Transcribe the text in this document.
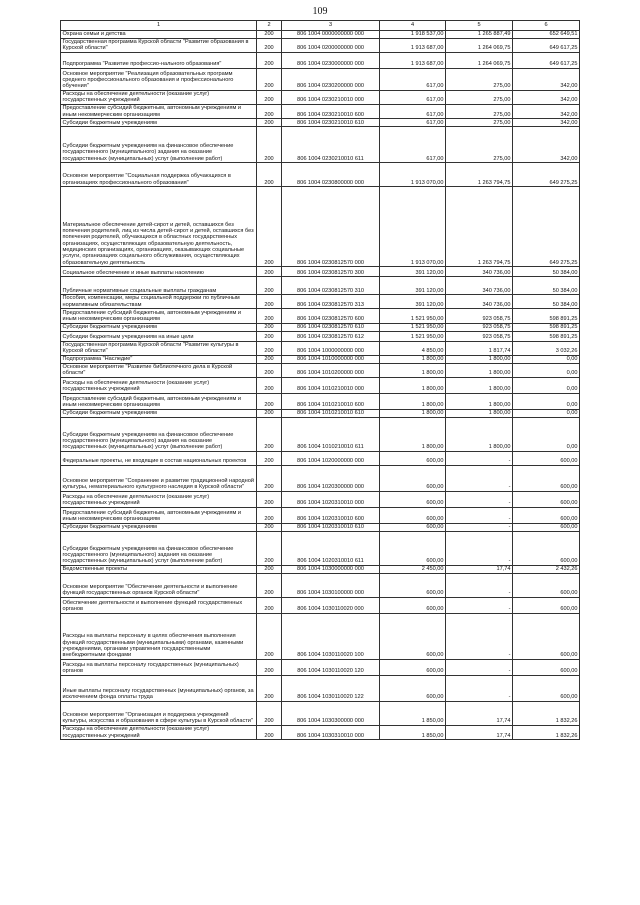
109
1	2	3	4	5	6
Охрана семьи и детства	200	806 1004 0000000000 000	1 918 537,00	1 265 887,49	652 649,51
Государственная программа Курской области "Развитие образования в Курской области"	200	806 1004 0200000000 000	1 913 687,00	1 264 069,75	649 617,25
Подпрограмма "Развитие профессио-нального образования"	200	806 1004 0230000000 000	1 913 687,00	1 264 069,75	649 617,25
Основное мероприятие "Реализация образовательных программ среднего профессионального образования и профессионального обучения"	200	806 1004 0230200000 000	617,00	275,00	342,00
Расходы на обеспечение деятельности (оказание услуг) государственных учреждений	200	806 1004 0230210010 000	617,00	275,00	342,00
Предоставление субсидий бюджетным, автономным учреждениям и иным некоммерческим организациям	200	806 1004 0230210010 600	617,00	275,00	342,00
Субсидии бюджетным учреждениям	200	806 1004 0230210010 610	617,00	275,00	342,00
Субсидии бюджетным учреждениям на финансовое обеспечение государственного (муниципального) задания на оказание государственных (муниципальных) услуг (выполнение работ)	200	806 1004 0230210010 611	617,00	275,00	342,00
Основное мероприятие "Социальная поддержка обучающихся в организациях профессионального образования"	200	806 1004 0230800000 000	1 913 070,00	1 263 794,75	649 275,25
Материальное обеспечение детей-сирот и детей, оставшихся без попечения родителей, лиц из числа детей-сирот и детей, оставшихся без попечения родителей, обучающихся в областных государственных организациях, осуществляющих образовательную деятельность, медицинских организациях, организациях, оказывающих социальные услуги, организациях социального обслуживания, осуществляющих образовательную деятельность	200	806 1004 0230812570 000	1 913 070,00	1 263 794,75	649 275,25
Социальное обеспечение и иные выплаты населению	200	806 1004 0230812570 300	391 120,00	340 736,00	50 384,00
Публичные нормативные социальные выплаты гражданам	200	806 1004 0230812570 310	391 120,00	340 736,00	50 384,00
Пособия, компенсации, меры социальной поддержки по публичным нормативным обязательствам	200	806 1004 0230812570 313	391 120,00	340 736,00	50 384,00
Предоставление субсидий бюджетным, автономным учреждениям и иным некоммерческим организациям	200	806 1004 0230812570 600	1 521 950,00	923 058,75	598 891,25
Субсидии бюджетным учреждениям	200	806 1004 0230812570 610	1 521 950,00	923 058,75	598 891,25
Субсидии бюджетным учреждениям на иные цели	200	806 1004 0230812570 612	1 521 950,00	923 058,75	598 891,25
Государственная программа Курской области "Развитие культуры в Курской области"	200	806 1004 1000000000 000	4 850,00	1 817,74	3 032,26
Подпрограмма "Наследие"	200	806 1004 1010000000 000	1 800,00	1 800,00	0,00
Основное мероприятие "Развитие библиотечного дела в Курской области"	200	806 1004 1010200000 000	1 800,00	1 800,00	0,00
Расходы на обеспечение деятельности (оказание услуг) государственных учреждений	200	806 1004 1010210010 000	1 800,00	1 800,00	0,00
Предоставление субсидий бюджетным, автономным учреждениям и иным некоммерческим организациям	200	806 1004 1010210010 600	1 800,00	1 800,00	0,00
Субсидии бюджетным учреждениям	200	806 1004 1010210010 610	1 800,00	1 800,00	0,00
Субсидии бюджетным учреждениям на финансовое обеспечение государственного (муниципального) задания на оказание государственных (муниципальных) услуг (выполнение работ)	200	806 1004 1010210010 611	1 800,00	1 800,00	0,00
Федеральные проекты, не входящие в состав национальных проектов	200	806 1004 1020000000 000	600,00	-	600,00
Основное мероприятие "Сохранение и развитие традиционной народной культуры, нематериального культурного наследия в Курской области"	200	806 1004 1020300000 000	600,00	-	600,00
Расходы на обеспечение деятельности (оказание услуг) государственных учреждений	200	806 1004 1020310010 000	600,00	-	600,00
Предоставление субсидий бюджетным, автономным учреждениям и иным некоммерческим организациям	200	806 1004 1020310010 600	600,00	-	600,00
Субсидии бюджетным учреждениям	200	806 1004 1020310010 610	600,00	-	600,00
Субсидии бюджетным учреждениям на финансовое обеспечение государственного (муниципального) задания на оказание государственных (муниципальных) услуг (выполнение работ)	200	806 1004 1020310010 611	600,00	-	600,00
Ведомственные проекты	200	806 1004 1030000000 000	2 450,00	17,74	2 432,26
Основное мероприятие "Обеспечение деятельности и выполнение функций государственных органов Курской области"	200	806 1004 1030100000 000	600,00	-	600,00
Обеспечение деятельности и выполнение функций государственных органов	200	806 1004 1030110020 000	600,00	-	600,00
Расходы на выплаты персоналу в целях обеспечения выполнения функций государственными (муниципальными) органами, казенными учреждениями, органами управления государственными внебюджетными фондами	200	806 1004 1030110020 100	600,00	-	600,00
Расходы на выплаты персоналу государственных (муниципальных) органов	200	806 1004 1030110020 120	600,00	-	600,00
Иные выплаты персоналу государственных (муниципальных) органов, за исключением фонда оплаты труда	200	806 1004 1030110020 122	600,00	-	600,00
Основное мероприятие "Организация и поддержка учреждений культуры, искусства и образования в сфере культуры в Курской области"	200	806 1004 1030300000 000	1 850,00	17,74	1 832,26
Расходы на обеспечение деятельности (оказание услуг) государственных учреждений	200	806 1004 1030310010 000	1 850,00	17,74	1 832,26
